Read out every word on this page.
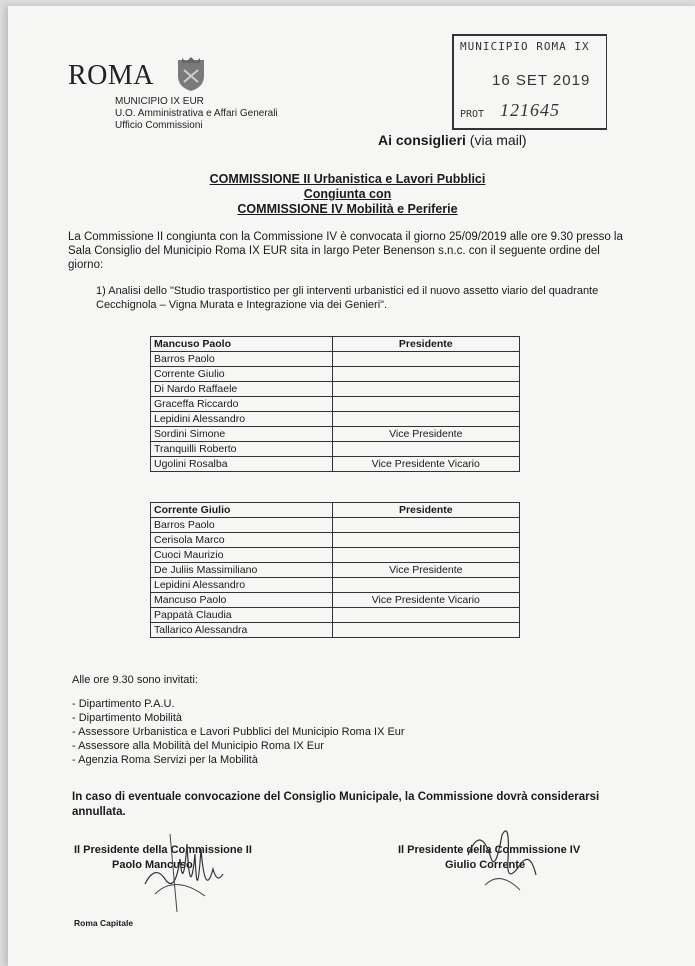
ROMA
MUNICIPIO IX EUR
U.O. Amministrativa e Affari Generali
Ufficio Commissioni
MUNICIPIO ROMA IX
16 SET 2019
PROT 121645
Ai consiglieri (via mail)
COMMISSIONE II Urbanistica e Lavori Pubblici
Congiunta con
COMMISSIONE IV Mobilità e Periferie
La Commissione II congiunta con la Commissione IV è convocata il giorno 25/09/2019 alle ore 9.30 presso la Sala Consiglio del Municipio Roma IX EUR sita in largo Peter Benenson s.n.c. con il seguente ordine del giorno:
1) Analisi dello "Studio trasportistico per gli interventi urbanistici ed il nuovo assetto viario del quadrante Cecchignola – Vigna Murata e Integrazione via dei Genieri".
Mancuso Paolo	Presidente
Barros Paolo	
Corrente Giulio	
Di Nardo Raffaele	
Graceffa Riccardo	
Lepidini Alessandro	
Sordini Simone	Vice Presidente
Tranquilli Roberto	
Ugolini Rosalba	Vice Presidente Vicario
Corrente Giulio	Presidente
Barros Paolo	
Cerisola Marco	
Cuoci Maurizio	
De Juliis Massimiliano	Vice Presidente
Lepidini Alessandro	
Mancuso Paolo	Vice Presidente Vicario
Pappatà Claudia	
Tallarico Alessandra	
Alle ore 9.30 sono invitati:
- Dipartimento P.A.U.
- Dipartimento Mobilità
- Assessore Urbanistica e Lavori Pubblici del Municipio Roma IX Eur
- Assessore alla Mobilità del Municipio Roma IX Eur
- Agenzia Roma Servizi per la Mobilità
In caso di eventuale convocazione del Consiglio Municipale, la Commissione dovrà considerarsi annullata.
Il Presidente della Commissione II
Paolo Mancuso
Il Presidente della Commissione IV
Giulio Corrente
Roma Capitale
